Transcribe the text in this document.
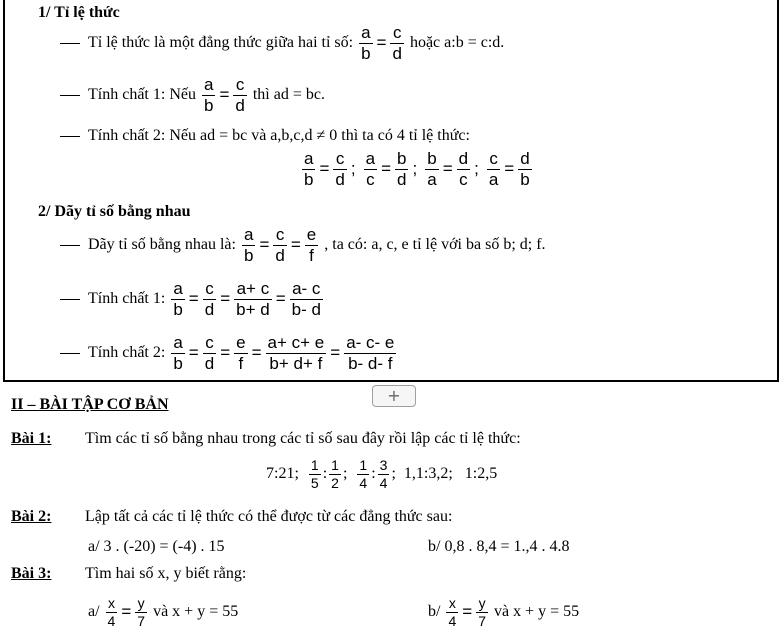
1/ Tỉ lệ thức
Tỉ lệ thức là một đẳng thức giữa hai tỉ số:
$\frac{a}{b} = \frac{c}{d}$
hoặc a:b = c:d.
Tính chất 1: Nếu
$\frac{a}{b} = \frac{c}{d}$
thì ad = bc.
Tính chất 2: Nếu ad = bc và a,b,c,d ≠ 0 thì ta có 4 tỉ lệ thức:
$\frac{a}{b} = \frac{c}{d}$ ;
$\frac{a}{c} = \frac{b}{d}$ ;
$\frac{b}{a} = \frac{d}{c}$ ;
$\frac{c}{a} = \frac{d}{b}$
2/ Dãy tỉ số bằng nhau
Dãy tỉ số bằng nhau là:
$\frac{a}{b} = \frac{c}{d} = \frac{e}{f}$
, ta có: a, c, e tỉ lệ với ba số b; d; f.
Tính chất 1:
$\frac{a}{b} = \frac{c}{d} = \frac{a+ c}{b+ d} = \frac{a- c}{b- d}$
Tính chất 2:
$\frac{a}{b} = \frac{c}{d} = \frac{e}{f} = \frac{a+ c+ e}{b+ d+ f} = \frac{a- c- e}{b- d- f}$
+
II – BÀI TẬP CƠ BẢN
Bài 1: Tìm các tỉ số bằng nhau trong các tỉ số sau đây rồi lập các tỉ lệ thức:
7:21;
$\frac{1}{5}$ : $\frac{1}{2}$ ;
$\frac{1}{4}$ : $\frac{3}{4}$ ;
1,1:3,2;
1:2,5
Bài 2: Lập tất cả các tỉ lệ thức có thể được từ các đẳng thức sau:
a/ 3 . (-20) = (-4) . 15	b/ 0,8 . 8,4 = 1.,4 . 4.8
Bài 3: Tìm hai số x, y biết rằng:
a/
$\frac{x}{4} = \frac{y}{7}$
và x + y = 55	b/
$\frac{x}{4} = \frac{y}{7}$
và x + y = 55
